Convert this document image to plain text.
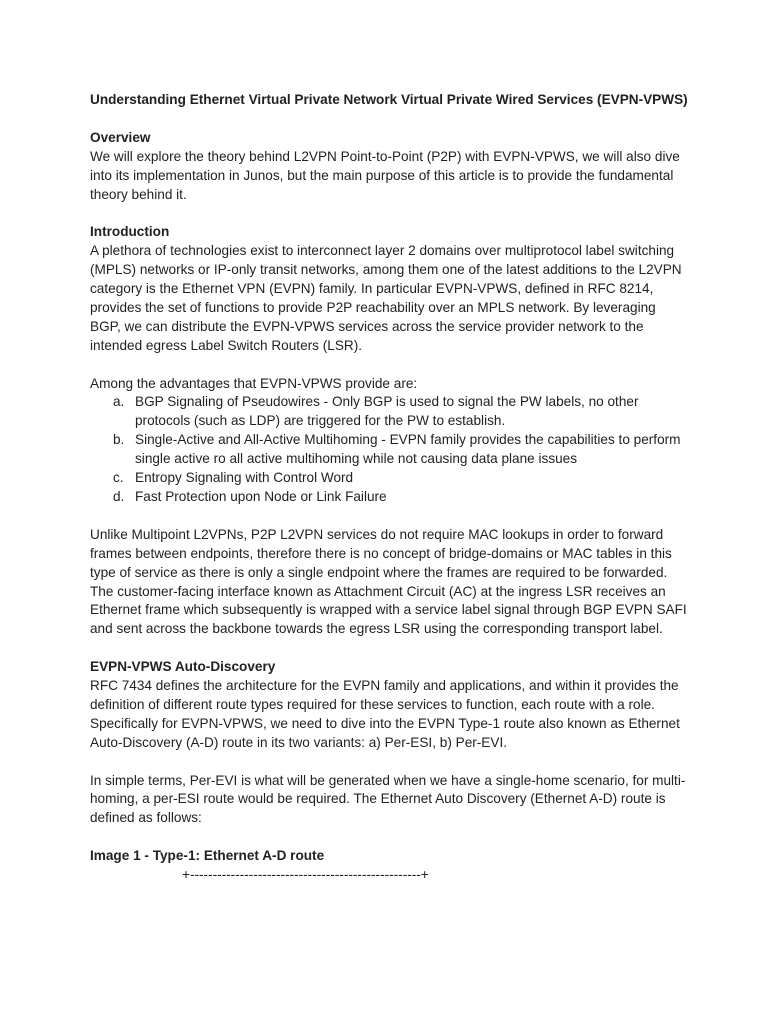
Understanding Ethernet Virtual Private Network Virtual Private Wired Services (EVPN-VPWS)
Overview

We will explore the theory behind L2VPN Point-to-Point (P2P) with EVPN-VPWS, we will also dive into its implementation in Junos, but the main purpose of this article is to provide the fundamental theory behind it.

Introduction

A plethora of technologies exist to interconnect layer 2 domains over multiprotocol label switching (MPLS) networks or IP-only transit networks, among them one of the latest additions to the L2VPN category is the Ethernet VPN (EVPN) family. In particular EVPN-VPWS, defined in RFC 8214, provides the set of functions to provide P2P reachability over an MPLS network. By leveraging BGP, we can distribute the EVPN-VPWS services across the service provider network to the intended egress Label Switch Routers (LSR).

Among the advantages that EVPN-VPWS provide are:

a. BGP Signaling of Pseudowires - Only BGP is used to signal the PW labels, no other protocols (such as LDP) are triggered for the PW to establish.
b. Single-Active and All-Active Multihoming - EVPN family provides the capabilities to perform single active ro all active multihoming while not causing data plane issues
c. Entropy Signaling with Control Word
d. Fast Protection upon Node or Link Failure

Unlike Multipoint L2VPNs, P2P L2VPN services do not require MAC lookups in order to forward frames between endpoints, therefore there is no concept of bridge-domains or MAC tables in this type of service as there is only a single endpoint where the frames are required to be forwarded. The customer-facing interface known as Attachment Circuit (AC) at the ingress LSR receives an Ethernet frame which subsequently is wrapped with a service label signal through BGP EVPN SAFI and sent across the backbone towards the egress LSR using the corresponding transport label.

EVPN-VPWS Auto-Discovery

RFC 7434 defines the architecture for the EVPN family and applications, and within it provides the definition of different route types required for these services to function, each route with a role. Specifically for EVPN-VPWS, we need to dive into the EVPN Type-1 route also known as Ethernet Auto-Discovery (A-D) route in its two variants: a) Per-ESI, b) Per-EVI.

In simple terms, Per-EVI is what will be generated when we have a single-home scenario, for multi-homing, a per-ESI route would be required. The Ethernet Auto Discovery (Ethernet A-D) route is defined as follows:

Image 1 - Type-1: Ethernet A-D route
+---------------------------------------------------+
